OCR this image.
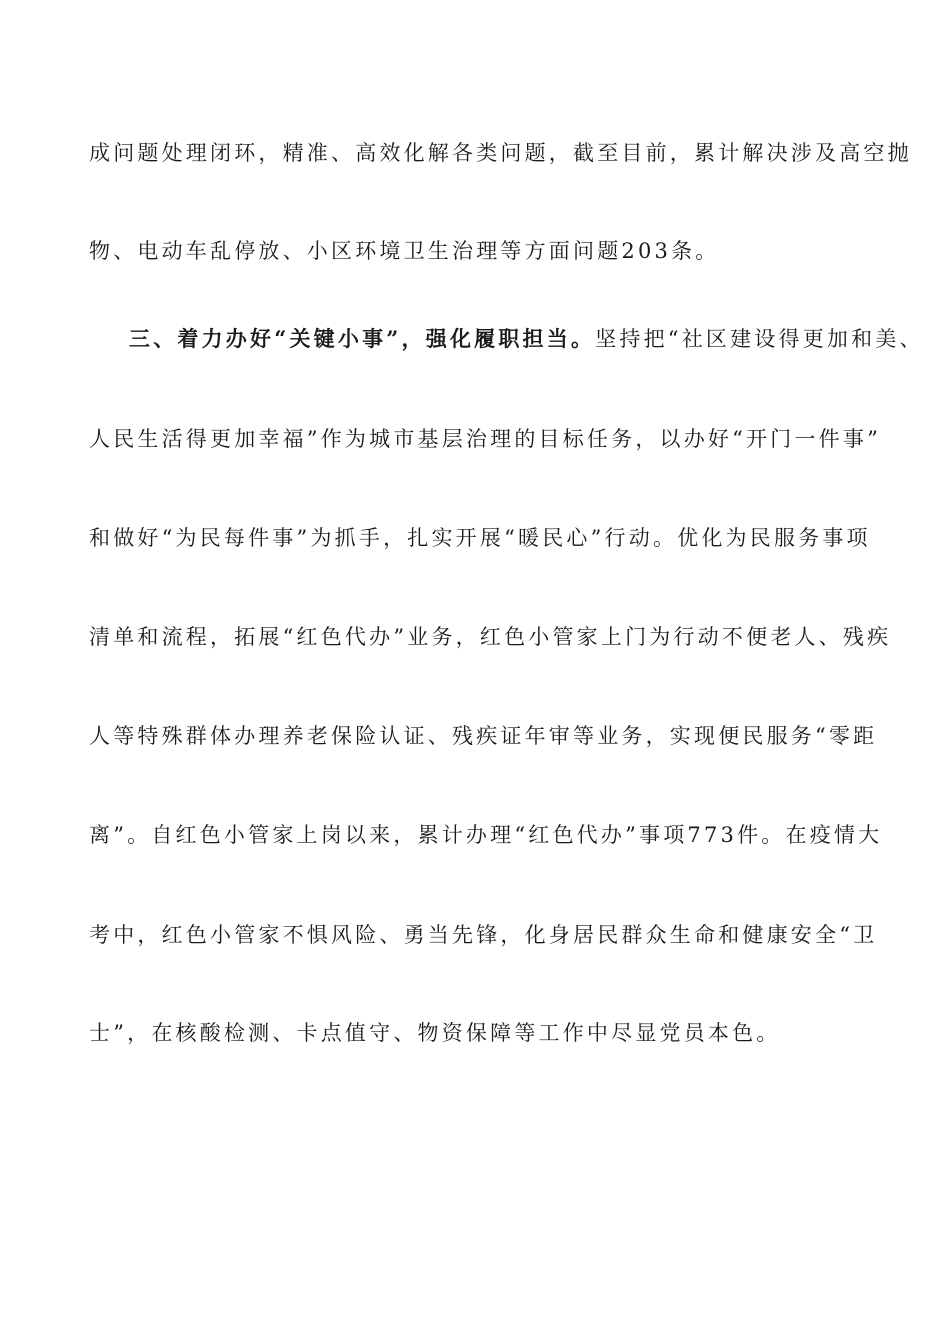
成问题处理闭环，精准、高效化解各类问题，截至目前，累计解决涉及高空抛
物、电动车乱停放、小区环境卫生治理等方面问题203条。
三、着力办好“关键小事”，强化履职担当。坚持把“社区建设得更加和美、
人民生活得更加幸福”作为城市基层治理的目标任务，以办好“开门一件事”
和做好“为民每件事”为抓手，扎实开展“暖民心”行动。优化为民服务事项
清单和流程，拓展“红色代办”业务，红色小管家上门为行动不便老人、残疾
人等特殊群体办理养老保险认证、残疾证年审等业务，实现便民服务“零距
离”。自红色小管家上岗以来，累计办理“红色代办”事项773件。在疫情大
考中，红色小管家不惧风险、勇当先锋，化身居民群众生命和健康安全“卫
士”，在核酸检测、卡点值守、物资保障等工作中尽显党员本色。
